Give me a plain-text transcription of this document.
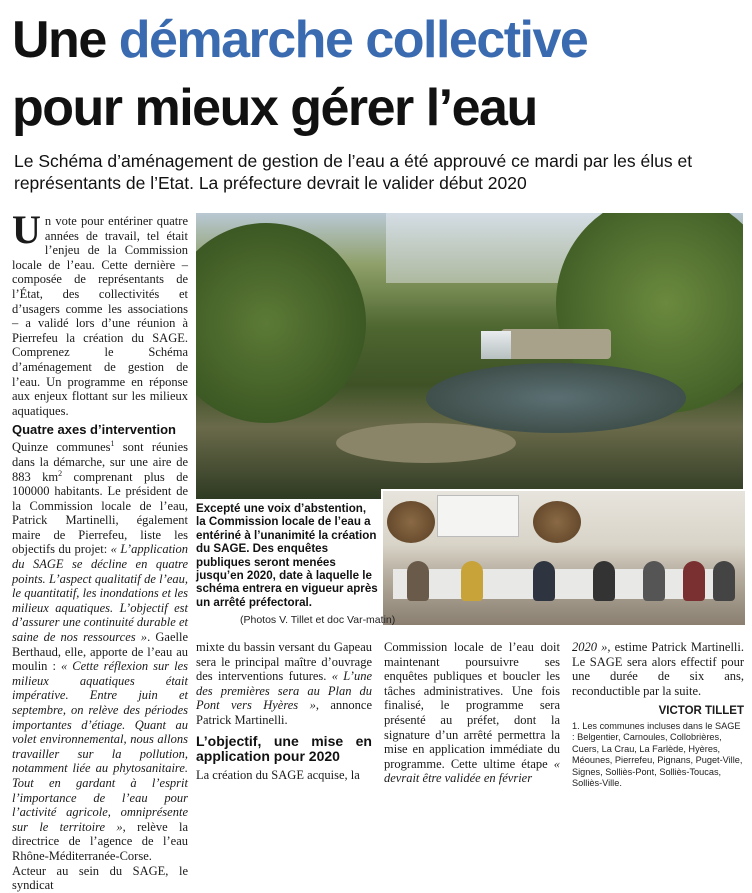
Une démarche collective
pour mieux gérer l’eau

Le Schéma d’aménagement de gestion de l’eau a été approuvé ce mardi par les élus et représentants de l’Etat. La préfecture devrait le valider début 2020

Un vote pour entériner quatre années de travail, tel était l’enjeu de la Commission locale de l’eau. Cette dernière – composée de représentants de l’État, des collectivités et d’usagers comme les associations – a validé lors d’une réunion à Pierrefeu la création du SAGE. Comprenez le Schéma d’aménagement de gestion de l’eau. Un programme en réponse aux enjeux flottant sur les milieux aquatiques.

Quatre axes d’intervention

Quinze communes$^1$ sont réunies dans la démarche, sur une aire de 883 $km^2$ comprenant plus de 100000 habitants. Le président de la Commission locale de l’eau, Patrick Martinelli, également maire de Pierrefeu, liste les objectifs du projet: « L’application du SAGE se décline en quatre points. L’aspect qualitatif de l’eau, le quantitatif, les inondations et les milieux aquatiques. L’objectif est d’assurer une continuité durable et saine de nos ressources ». Gaelle Berthaud, elle, apporte de l’eau au moulin : « Cette réflexion sur les milieux aquatiques était impérative. Entre juin et septembre, on relève des périodes importantes d’étiage. Quant au volet environnemental, nous allons travailler sur la pollution, notamment liée au phytosanitaire. Tout en gardant à l’esprit l’importance de l’eau pour l’activité agricole, omniprésente sur le territoire », relève la directrice de l’agence de l’eau Rhône-Méditerranée-Corse.

Acteur au sein du SAGE, le syndicat

Excepté une voix d’abstention, la Commission locale de l’eau a entériné à l’unanimité la création du SAGE. Des enquêtes publiques seront menées jusqu’en 2020, date à laquelle le schéma entrera en vigueur après un arrêté préfectoral.

(Photos V. Tillet et doc Var-matin)

mixte du bassin versant du Gapeau sera le principal maître d’ouvrage des interventions futures. « L’une des premières sera au Plan du Pont vers Hyères », annonce Patrick Martinelli.

L’objectif, une mise en application pour 2020

La création du SAGE acquise, la

Commission locale de l’eau doit maintenant poursuivre ses enquêtes publiques et boucler les tâches administratives. Une fois finalisé, le programme sera présenté au préfet, dont la signature d’un arrêté permettra la mise en application immédiate du programme. Cette ultime étape « devrait être validée en février

2020 », estime Patrick Martinelli. Le SAGE sera alors effectif pour une durée de six ans, reconductible par la suite.

VICTOR TILLET

1. Les communes incluses dans le SAGE : Belgentier, Carnoules, Collobrières, Cuers, La Crau, La Farlède, Hyères, Méounes, Pierrefeu, Pignans, Puget-Ville, Signes, Solliès-Pont, Solliès-Toucas, Solliès-Ville.
